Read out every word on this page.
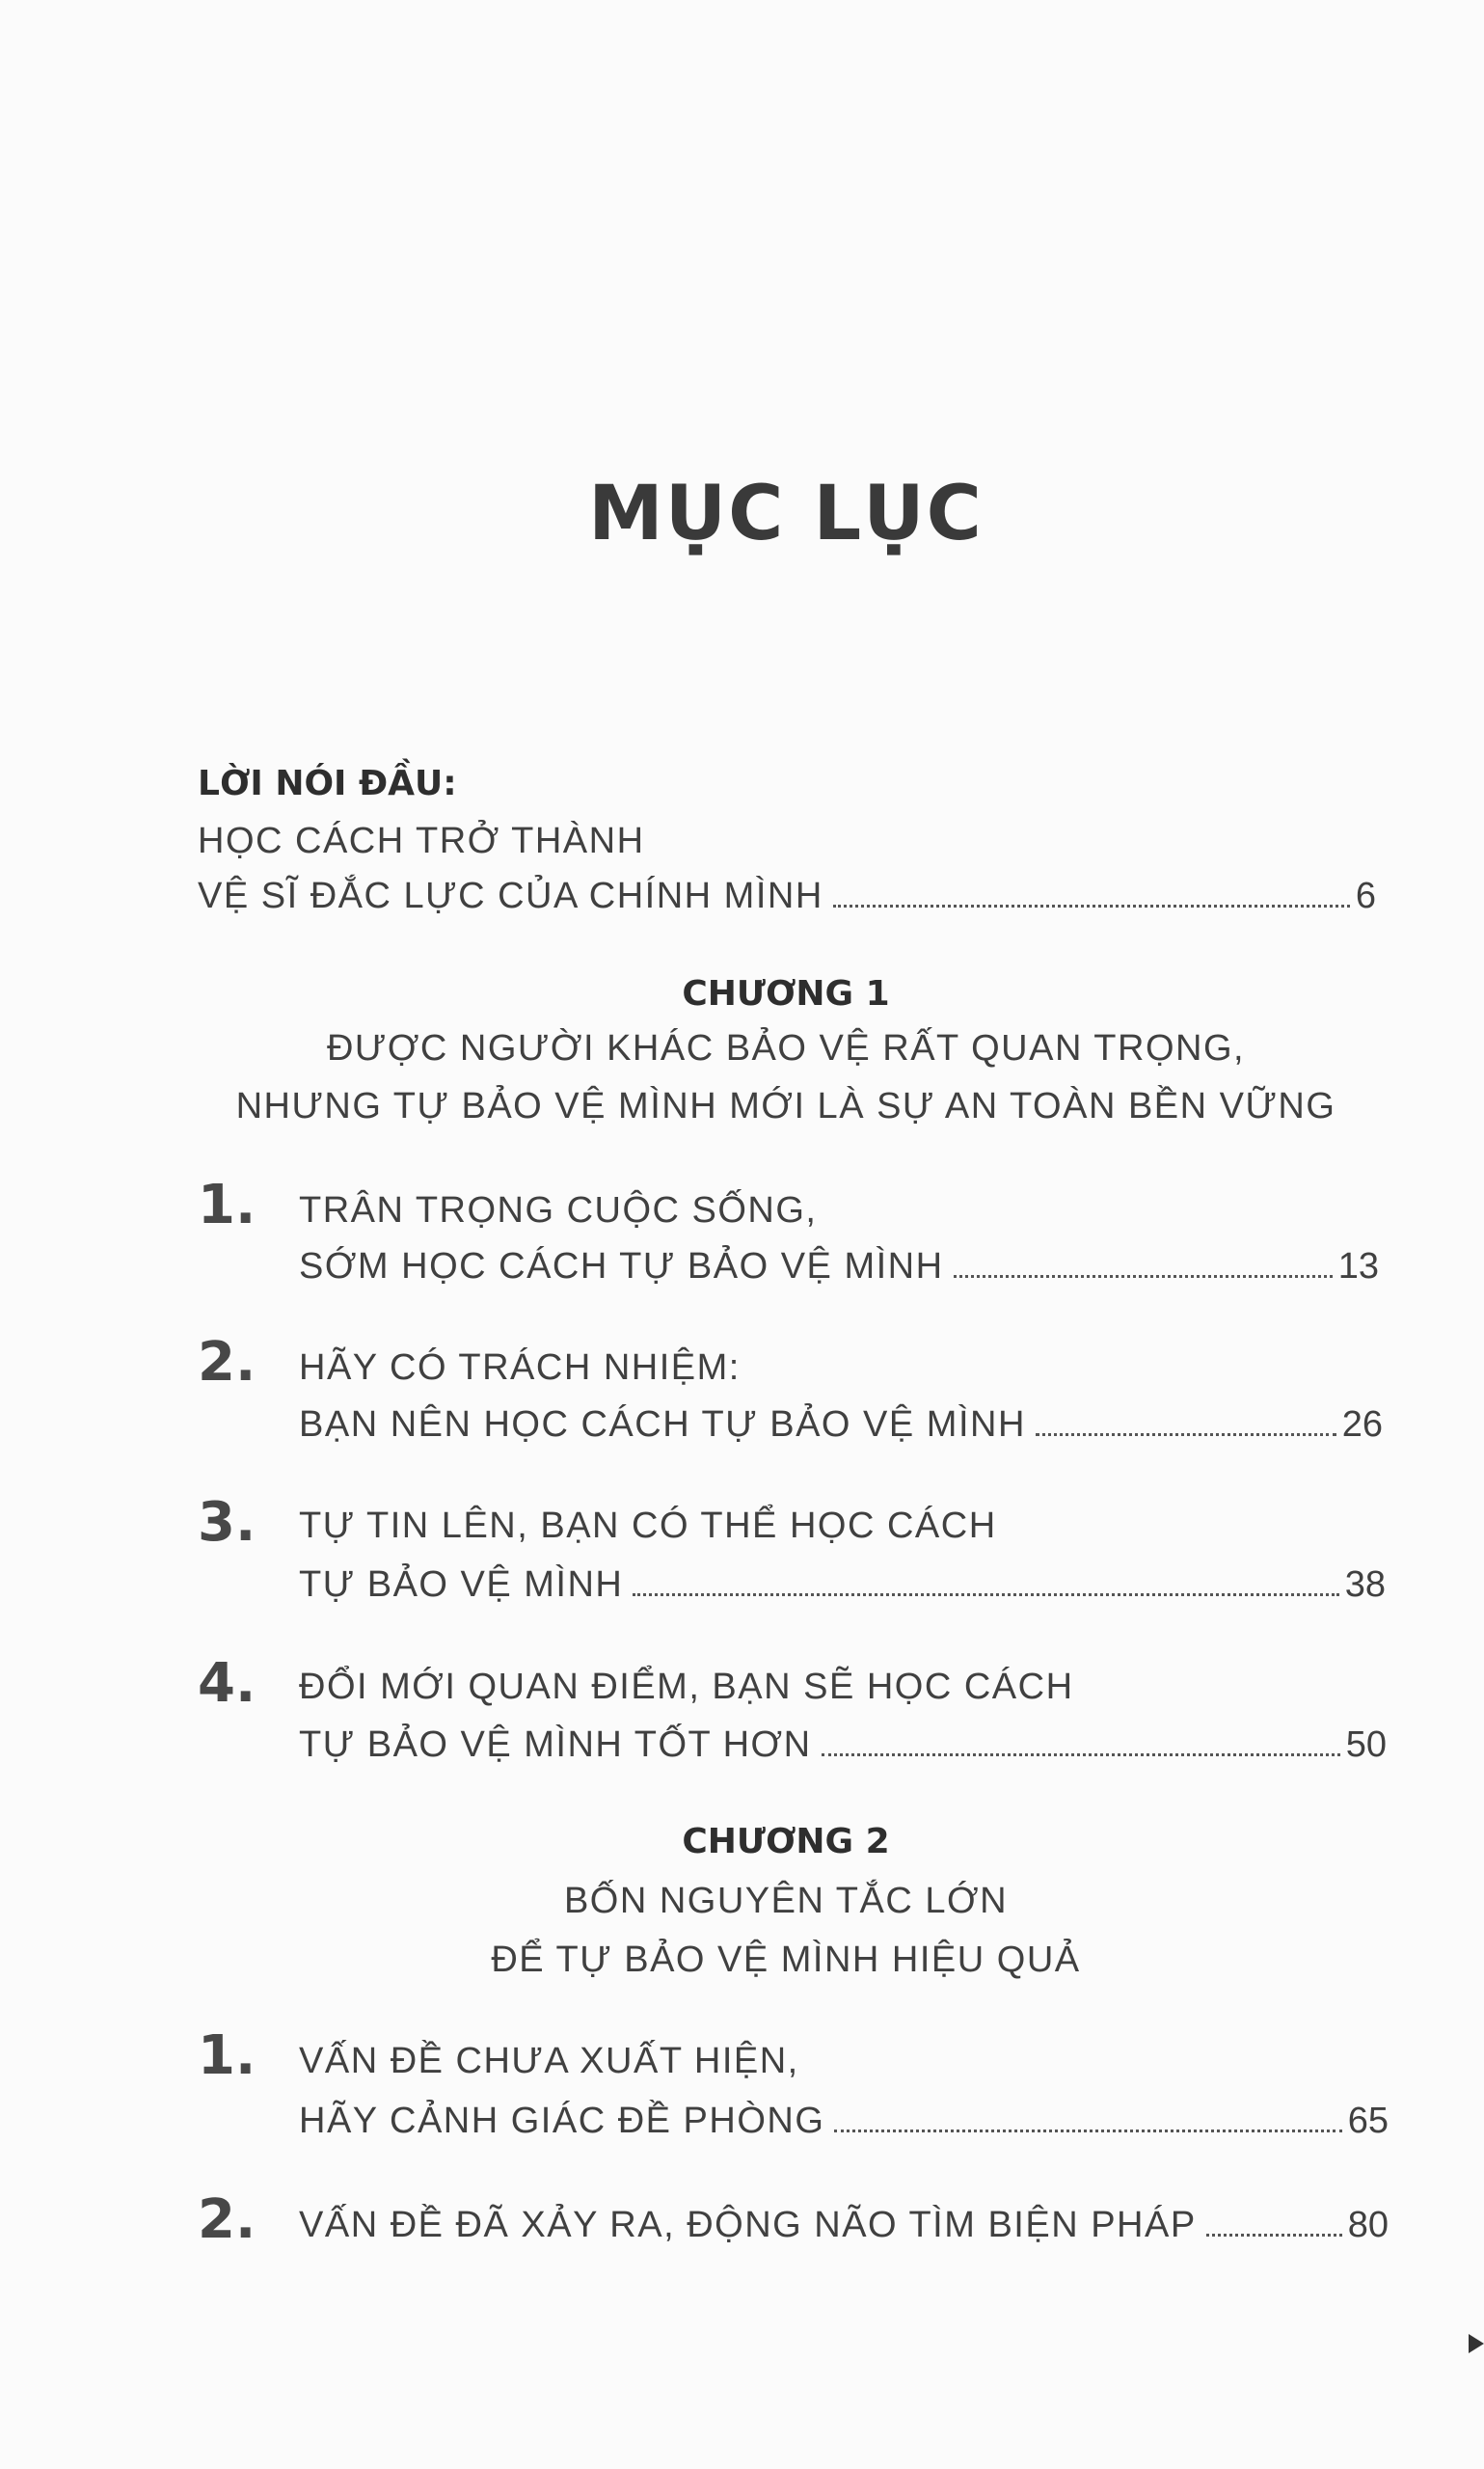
MỤC LỤC
LỜI NÓI ĐẦU:
HỌC CÁCH TRỞ THÀNH
VỆ SĨ ĐẮC LỰC CỦA CHÍNH MÌNH	6
CHƯƠNG 1
ĐƯỢC NGƯỜI KHÁC BẢO VỆ RẤT QUAN TRỌNG,
NHƯNG TỰ BẢO VỆ MÌNH MỚI LÀ SỰ AN TOÀN BỀN VỮNG
1. TRÂN TRỌNG CUỘC SỐNG,
SỚM HỌC CÁCH TỰ BẢO VỆ MÌNH	13
2. HÃY CÓ TRÁCH NHIỆM:
BẠN NÊN HỌC CÁCH TỰ BẢO VỆ MÌNH	26
3. TỰ TIN LÊN, BẠN CÓ THỂ HỌC CÁCH
TỰ BẢO VỆ MÌNH	38
4. ĐỔI MỚI QUAN ĐIỂM, BẠN SẼ HỌC CÁCH
TỰ BẢO VỆ MÌNH TỐT HƠN	50
CHƯƠNG 2
BỐN NGUYÊN TẮC LỚN
ĐỂ TỰ BẢO VỆ MÌNH HIỆU QUẢ
1. VẤN ĐỀ CHƯA XUẤT HIỆN,
HÃY CẢNH GIÁC ĐỀ PHÒNG	65
2. VẤN ĐỀ ĐÃ XẢY RA, ĐỘNG NÃO TÌM BIỆN PHÁP	80
